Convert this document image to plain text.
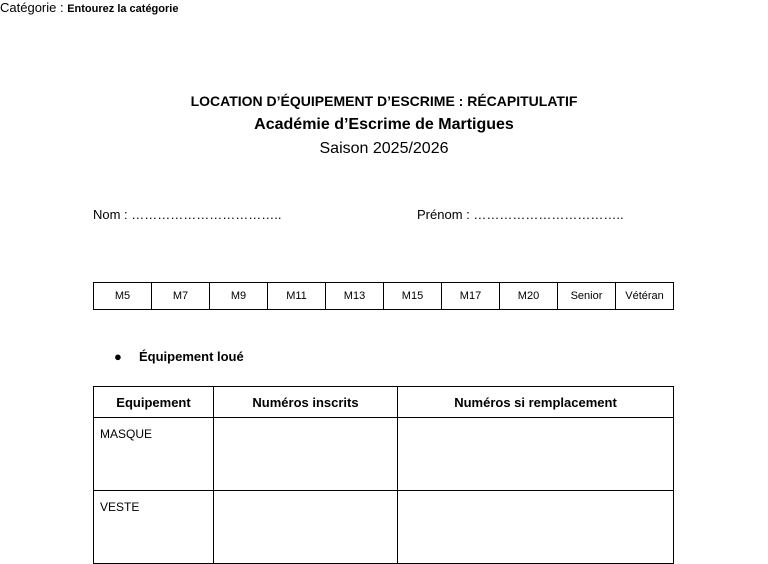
LOCATION D’ÉQUIPEMENT D’ESCRIME : RÉCAPITULATIF
Académie d’Escrime de Martigues
Saison 2025/2026
Nom : ……………………………..	Prénom : ……………………………..
Catégorie : Entourez la catégorie
M5	M7	M9	M11	M13	M15	M17	M20	Senior	Vétéran
● Équipement loué
Equipement	Numéros inscrits	Numéros si remplacement
MASQUE		
VESTE		
